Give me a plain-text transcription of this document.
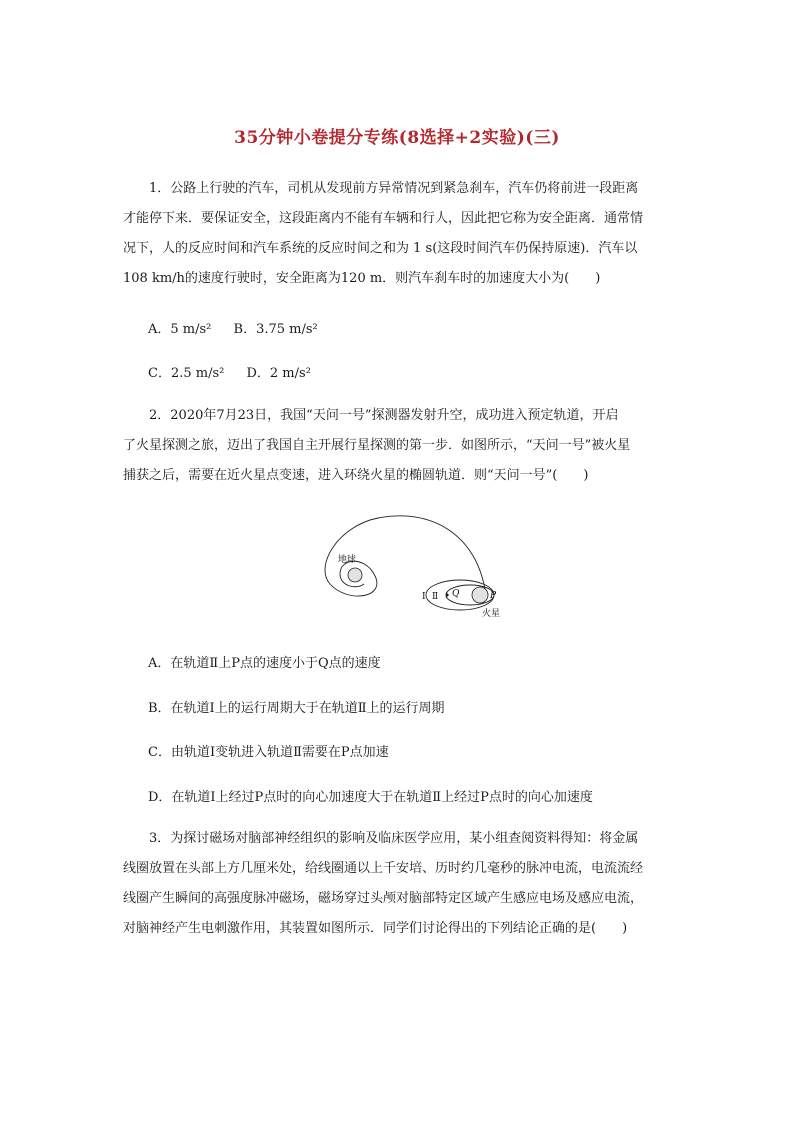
35分钟小卷提分专练(8选择+2实验)(三)
1．公路上行驶的汽车，司机从发现前方异常情况到紧急刹车，汽车仍将前进一段距离
才能停下来．要保证安全，这段距离内不能有车辆和行人，因此把它称为安全距离．通常情
况下，人的反应时间和汽车系统的反应时间之和为 1 s(这段时间汽车仍保持原速)．汽车以
108 km/h的速度行驶时，安全距离为120 m．则汽车刹车时的加速度大小为(　　)
A．5 m/s² B．3.75 m/s²
C．2.5 m/s² D．2 m/s²
2．2020年7月23日，我国“天问一号”探测器发射升空，成功进入预定轨道，开启
了火星探测之旅，迈出了我国自主开展行星探测的第一步．如图所示，“天问一号”被火星
捕获之后，需要在近火星点变速，进入环绕火星的椭圆轨道．则“天问一号”(　　)
地球
Ⅰ Ⅱ Q	P
火星
A．在轨道Ⅱ上P点的速度小于Q点的速度
B．在轨道Ⅰ上的运行周期大于在轨道Ⅱ上的运行周期
C．由轨道Ⅰ变轨进入轨道Ⅱ需要在P点加速
D．在轨道Ⅰ上经过P点时的向心加速度大于在轨道Ⅱ上经过P点时的向心加速度
3．为探讨磁场对脑部神经组织的影响及临床医学应用，某小组查阅资料得知：将金属
线圈放置在头部上方几厘米处，给线圈通以上千安培、历时约几毫秒的脉冲电流，电流流经
线圈产生瞬间的高强度脉冲磁场，磁场穿过头颅对脑部特定区域产生感应电场及感应电流，
对脑神经产生电刺激作用，其装置如图所示．同学们讨论得出的下列结论正确的是(　　)
